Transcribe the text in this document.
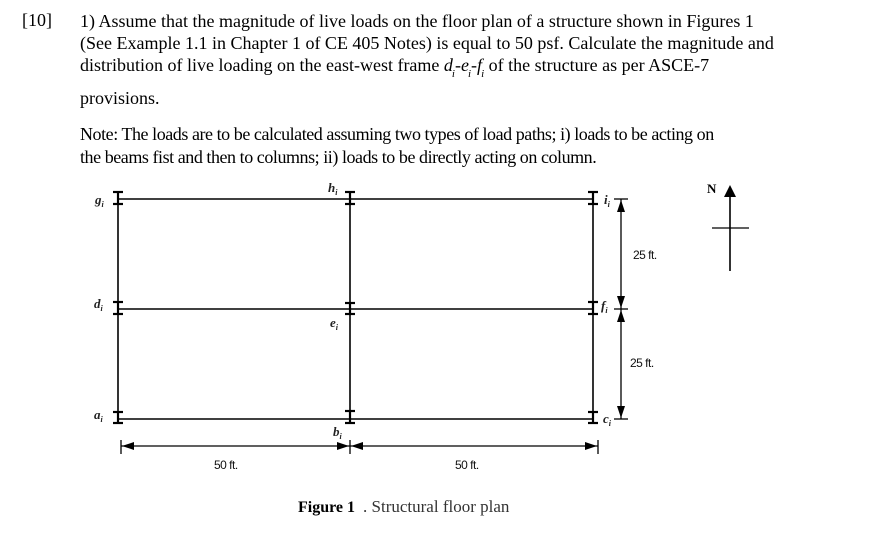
[10] 1) Assume that the magnitude of live loads on the floor plan of a structure shown in Figures 1
(See Example 1.1 in Chapter 1 of CE 405 Notes) is equal to 50 psf. Calculate the magnitude and
distribution of live loading on the east-west frame $d_i-e_i-f_i$ of the structure as per ASCE-7
provisions.
Note: The loads are to be calculated assuming two types of load paths; i) loads to be acting on
the beams fist and then to columns; ii) loads to be directly acting on column.
$g_i$
$h_i$	$i_i$
$d_i$
$e_i$
$f_i$
$a_i$
$b_i$
$c_i$
50 ft.	50 ft.
25 ft.
25 ft.
N
Figure 1 . Structural floor plan
